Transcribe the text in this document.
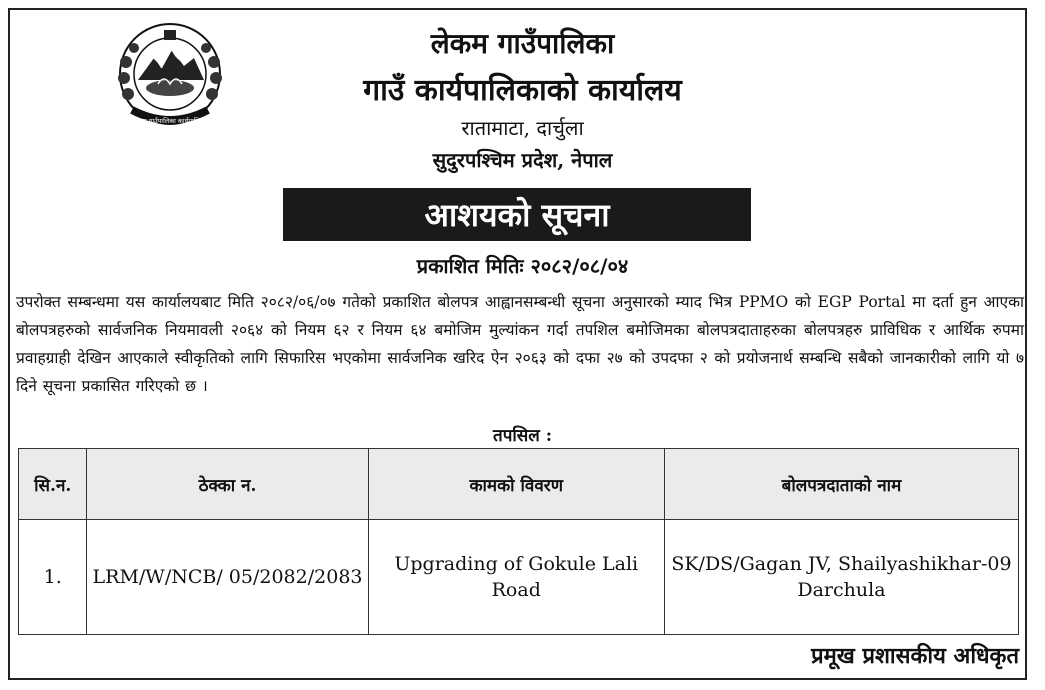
लेकम गाउँपालिका कार्यपालिका
लेकम गाउँपालिका
गाउँ कार्यपालिकाको कार्यालय
रातामाटा, दार्चुला
सुदुरपश्चिम प्रदेश, नेपाल
आशयको सूचना
प्रकाशित मितिः २०८२/०८/०४
उपरोक्त सम्बन्धमा यस कार्यालयबाट मिति २०८२/०६/०७ गतेको प्रकाशित बोलपत्र आह्वानसम्बन्धी सूचना अनुसारको म्याद भित्र PPMO को EGP Portal मा दर्ता हुन आएका बोलपत्रहरुको सार्वजनिक नियमावली २०६४ को नियम ६२ र नियम ६४ बमोजिम मुल्यांकन गर्दा तपशिल बमोजिमका बोलपत्रदाताहरुका बोलपत्रहरु प्राविधिक र आर्थिक रुपमा प्रवाहग्राही देखिन आएकाले स्वीकृतिको लागि सिफारिस भएकोमा सार्वजनिक खरिद ऐन २०६३ को दफा २७ को उपदफा २ को प्रयोजनार्थ सम्बन्धि सबैको जानकारीको लागि यो ७ दिने सूचना प्रकासित गरिएको छ ।
तपसिल :
सि.न.	ठेक्का न.	कामको विवरण	बोलपत्रदाताको नाम
1.	LRM/W/NCB/ 05/2082/2083	Upgrading of Gokule Lali Road	SK/DS/Gagan JV, Shailyashikhar-09
Darchula
प्रमूख प्रशासकीय अधिकृत
